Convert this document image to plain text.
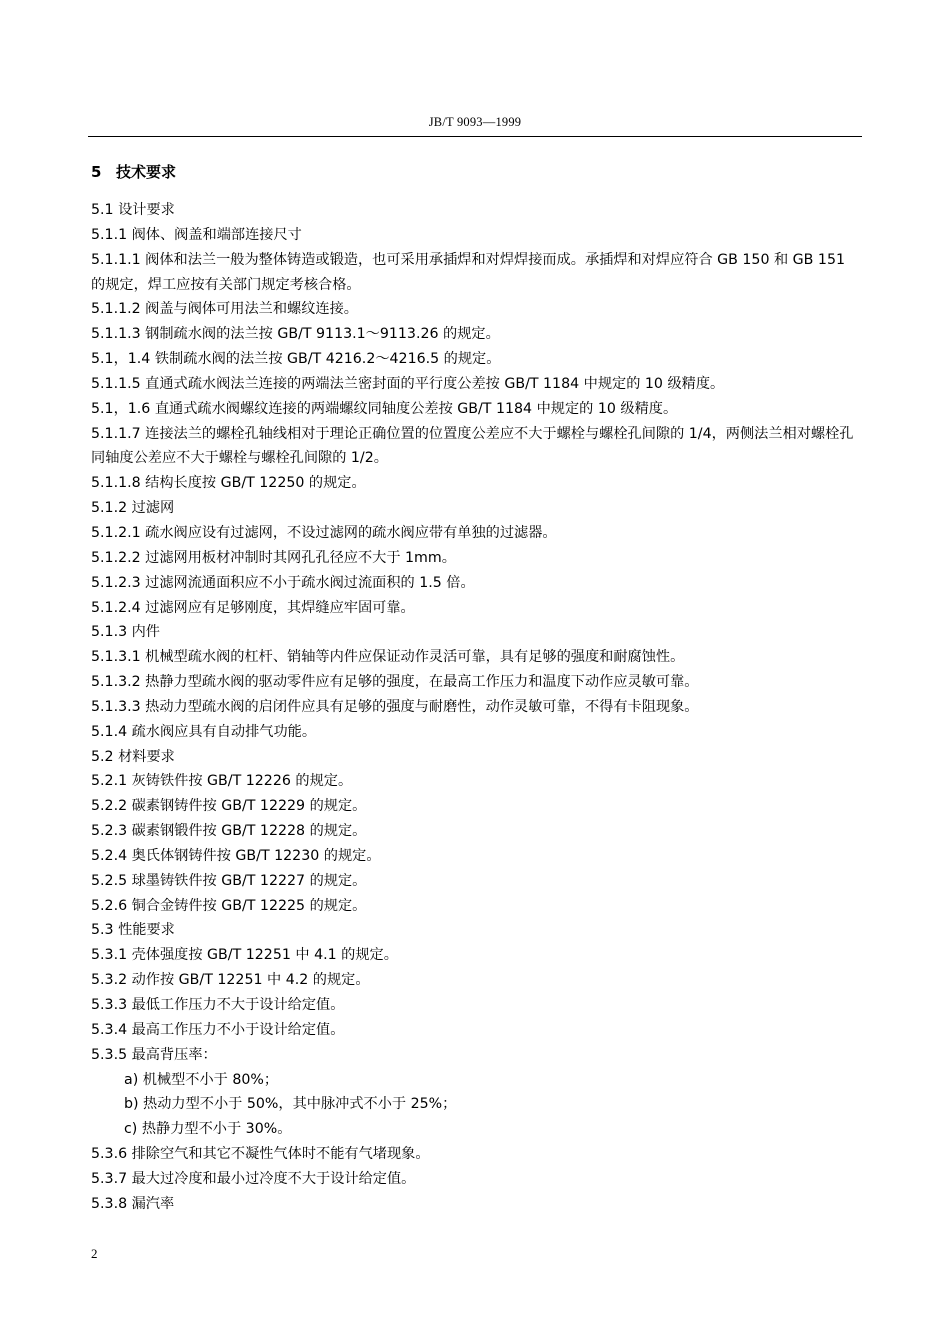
JB/T 9093—1999
5 技术要求
5.1 设计要求
5.1.1 阀体、阀盖和端部连接尺寸
5.1.1.1 阀体和法兰一般为整体铸造或锻造，也可采用承插焊和对焊焊接而成。承插焊和对焊应符合 GB 150 和 GB 151 的规定，焊工应按有关部门规定考核合格。
5.1.1.2 阀盖与阀体可用法兰和螺纹连接。
5.1.1.3 钢制疏水阀的法兰按 GB/T 9113.1～9113.26 的规定。
5.1，1.4 铁制疏水阀的法兰按 GB/T 4216.2～4216.5 的规定。
5.1.1.5 直通式疏水阀法兰连接的两端法兰密封面的平行度公差按 GB/T 1184 中规定的 10 级精度。
5.1，1.6 直通式疏水阀螺纹连接的两端螺纹同轴度公差按 GB/T 1184 中规定的 10 级精度。
5.1.1.7 连接法兰的螺栓孔轴线相对于理论正确位置的位置度公差应不大于螺栓与螺栓孔间隙的 1/4，两侧法兰相对螺栓孔同轴度公差应不大于螺栓与螺栓孔间隙的 1/2。
5.1.1.8 结构长度按 GB/T 12250 的规定。
5.1.2 过滤网
5.1.2.1 疏水阀应设有过滤网，不设过滤网的疏水阀应带有单独的过滤器。
5.1.2.2 过滤网用板材冲制时其网孔孔径应不大于 1mm。
5.1.2.3 过滤网流通面积应不小于疏水阀过流面积的 1.5 倍。
5.1.2.4 过滤网应有足够刚度，其焊缝应牢固可靠。
5.1.3 内件
5.1.3.1 机械型疏水阀的杠杆、销轴等内件应保证动作灵活可靠，具有足够的强度和耐腐蚀性。
5.1.3.2 热静力型疏水阀的驱动零件应有足够的强度，在最高工作压力和温度下动作应灵敏可靠。
5.1.3.3 热动力型疏水阀的启闭件应具有足够的强度与耐磨性，动作灵敏可靠，不得有卡阻现象。
5.1.4 疏水阀应具有自动排气功能。
5.2 材料要求
5.2.1 灰铸铁件按 GB/T 12226 的规定。
5.2.2 碳素钢铸件按 GB/T 12229 的规定。
5.2.3 碳素钢锻件按 GB/T 12228 的规定。
5.2.4 奥氏体钢铸件按 GB/T 12230 的规定。
5.2.5 球墨铸铁件按 GB/T 12227 的规定。
5.2.6 铜合金铸件按 GB/T 12225 的规定。
5.3 性能要求
5.3.1 壳体强度按 GB/T 12251 中 4.1 的规定。
5.3.2 动作按 GB/T 12251 中 4.2 的规定。
5.3.3 最低工作压力不大于设计给定值。
5.3.4 最高工作压力不小于设计给定值。
5.3.5 最高背压率：
a) 机械型不小于 80%；
b) 热动力型不小于 50%，其中脉冲式不小于 25%；
c) 热静力型不小于 30%。
5.3.6 排除空气和其它不凝性气体时不能有气堵现象。
5.3.7 最大过冷度和最小过冷度不大于设计给定值。
5.3.8 漏汽率
2
